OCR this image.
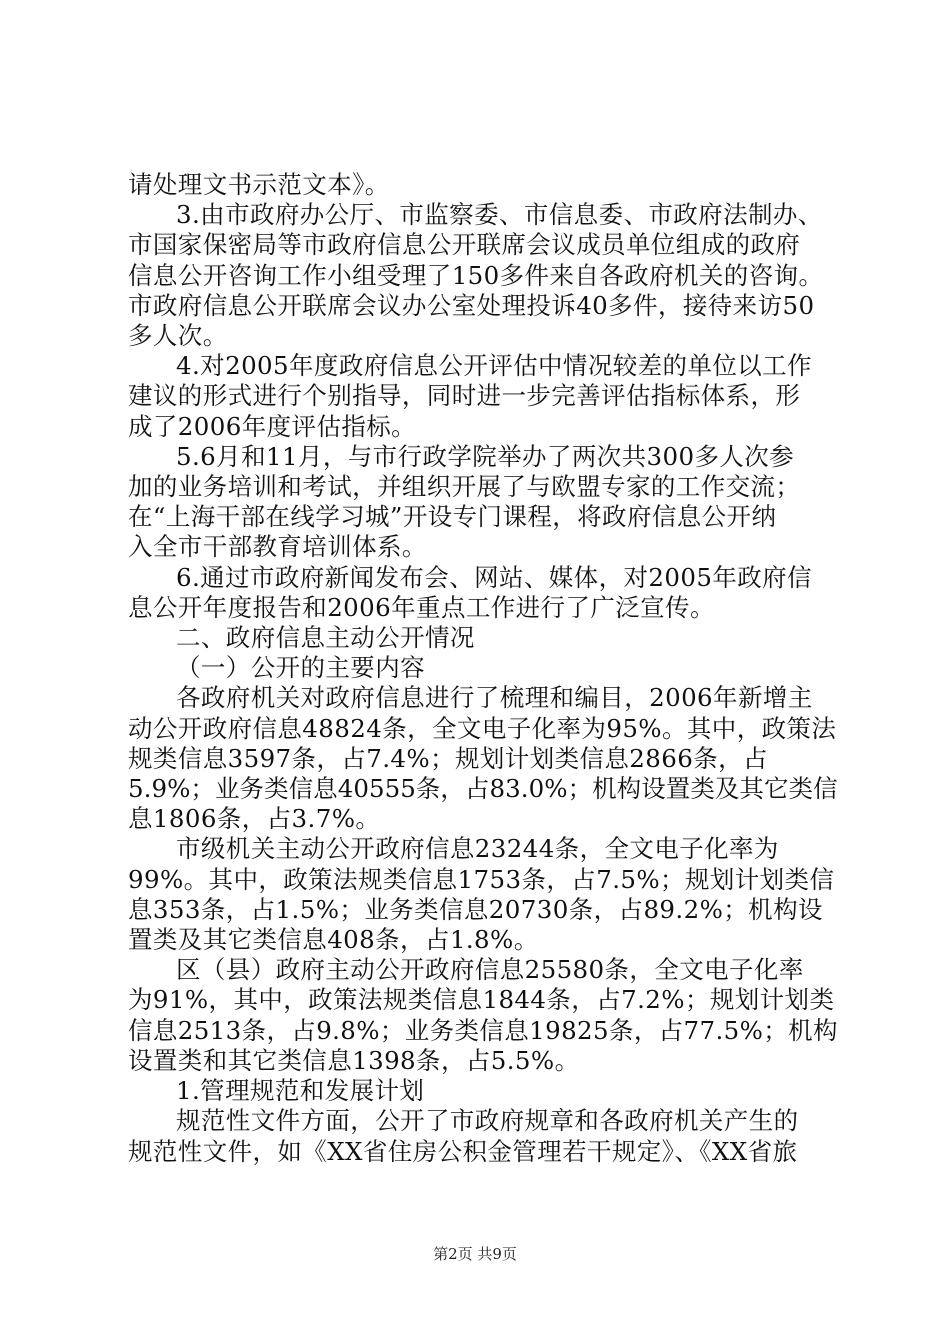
请处理文书示范文本》。

3.由市政府办公厅、市监察委、市信息委、市政府法制办、

市国家保密局等市政府信息公开联席会议成员单位组成的政府

信息公开咨询工作小组受理了150多件来自各政府机关的咨询。

市政府信息公开联席会议办公室处理投诉40多件，接待来访50

多人次。

4.对2005年度政府信息公开评估中情况较差的单位以工作

建议的形式进行个别指导，同时进一步完善评估指标体系，形

成了2006年度评估指标。

5.6月和11月，与市行政学院举办了两次共300多人次参

加的业务培训和考试，并组织开展了与欧盟专家的工作交流；

在“上海干部在线学习城”开设专门课程，将政府信息公开纳

入全市干部教育培训体系。

6.通过市政府新闻发布会、网站、媒体，对2005年政府信

息公开年度报告和2006年重点工作进行了广泛宣传。

二、政府信息主动公开情况

（一）公开的主要内容

各政府机关对政府信息进行了梳理和编目，2006年新增主

动公开政府信息48824条，全文电子化率为95%。其中，政策法

规类信息3597条，占7.4%；规划计划类信息2866条，占

5.9%；业务类信息40555条，占83.0%；机构设置类及其它类信

息1806条，占3.7%。

市级机关主动公开政府信息23244条，全文电子化率为

99%。其中，政策法规类信息1753条，占7.5%；规划计划类信

息353条，占1.5%；业务类信息20730条，占89.2%；机构设

置类及其它类信息408条，占1.8%。

区（县）政府主动公开政府信息25580条，全文电子化率

为91%，其中，政策法规类信息1844条，占7.2%；规划计划类

信息2513条，占9.8%；业务类信息19825条，占77.5%；机构

设置类和其它类信息1398条，占5.5%。

1.管理规范和发展计划

规范性文件方面，公开了市政府规章和各政府机关产生的

规范性文件，如《XX省住房公积金管理若干规定》、《XX省旅

第2页 共9页
